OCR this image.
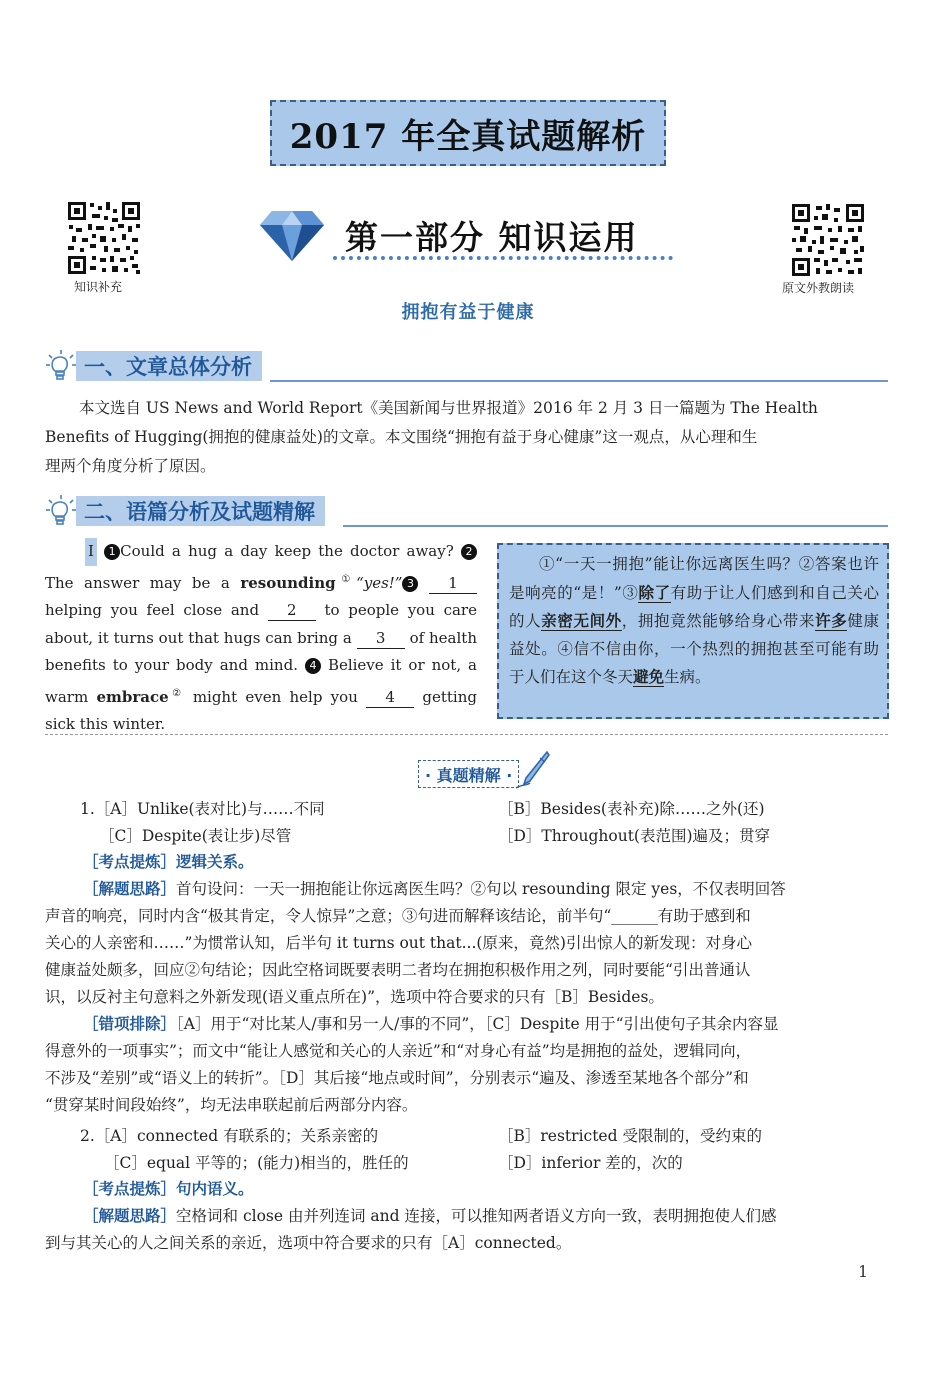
2017 年全真试题解析
知识补充	原文外教朗读
第一部分 知识运用
拥抱有益于健康
一、文章总体分析
本文选自 US News and World Report《美国新闻与世界报道》2016 年 2 月 3 日一篇题为 The Health
Benefits of Hugging(拥抱的健康益处)的文章。本文围绕“拥抱有益于身心健康”这一观点，从心理和生
理两个角度分析了原因。
二、语篇分析及试题精解
I 1 Could a hug a day keep the doctor away? 2 The answer may be a resounding①“yes!” 3 1 helping you feel close and 2 to people you care about, it turns out that hugs can bring a 3 of health benefits to your body and mind. 4 Believe it or not, a warm embrace② might even help you 4 getting sick this winter.
①“一天一拥抱”能让你远离医生吗？②答案也许是响亮的“是！”③除了有助于让人们感到和自己关心的人亲密无间外，拥抱竟然能够给身心带来许多健康益处。④信不信由你，一个热烈的拥抱甚至可能有助于人们在这个冬天避免生病。
· 真题精解 ·
1.［A］Unlike(表对比)与……不同	［B］Besides(表补充)除……之外(还)
［C］Despite(表让步)尽管	［D］Throughout(表范围)遍及；贯穿
［考点提炼］逻辑关系。
［解题思路］首句设问：一天一拥抱能让你远离医生吗？②句以 resounding 限定 yes，不仅表明回答
声音的响亮，同时内含“极其肯定，令人惊异”之意；③句进而解释该结论，前半句“______有助于感到和
关心的人亲密和……”为惯常认知，后半句 it turns out that...(原来，竟然)引出惊人的新发现：对身心
健康益处颇多，回应②句结论；因此空格词既要表明二者均在拥抱积极作用之列，同时要能“引出普通认
识，以反衬主句意料之外新发现(语义重点所在)”，选项中符合要求的只有［B］Besides。
［错项排除］［A］用于“对比某人/事和另一人/事的不同”，［C］Despite 用于“引出使句子其余内容显
得意外的一项事实”；而文中“能让人感觉和关心的人亲近”和“对身心有益”均是拥抱的益处，逻辑同向，
不涉及“差别”或“语义上的转折”。［D］其后接“地点或时间”，分别表示“遍及、渗透至某地各个部分”和
“贯穿某时间段始终”，均无法串联起前后两部分内容。
2.［A］connected 有联系的；关系亲密的	［B］restricted 受限制的，受约束的
［C］equal 平等的；(能力)相当的，胜任的	［D］inferior 差的，次的
［考点提炼］句内语义。
［解题思路］空格词和 close 由并列连词 and 连接，可以推知两者语义方向一致，表明拥抱使人们感
到与其关心的人之间关系的亲近，选项中符合要求的只有［A］connected。
1
